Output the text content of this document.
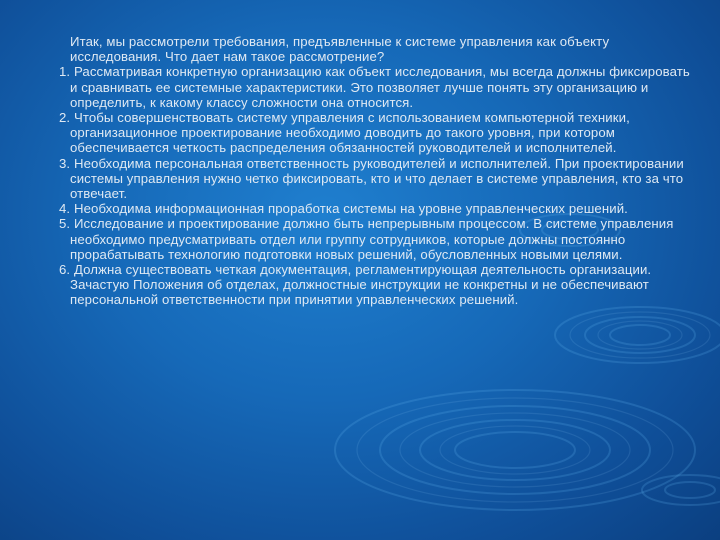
Итак, мы рассмотрели требования, предъявленные к системе управления как объекту исследования. Что дает нам такое рассмотрение?

1. Рассматривая конкретную организацию как объект исследования, мы всегда должны фиксировать и сравнивать ее системные характеристики. Это позволяет лучше понять эту организацию и определить, к какому классу сложности она относится.

2. Чтобы совершенствовать систему управления с использованием компьютерной техники, организационное проектирование необходимо доводить до такого уровня, при котором обеспечивается четкость распределения обязанностей руководителей и исполнителей.

3. Необходима персональная ответственность руководителей и исполнителей. При проектировании системы управления нужно четко фиксировать, кто и что делает в системе управления, кто за что отвечает.

4. Необходима информационная проработка системы на уровне управленческих решений.

5. Исследование и проектирование должно быть непрерывным процессом. В системе управления необходимо предусматривать отдел или группу сотрудников, которые должны постоянно прорабатывать технологию подготовки новых решений, обусловленных новыми целями.

6. Должна существовать четкая документация, регламентирующая деятельность организации. Зачастую Положения об отделах, должностные инструкции не конкретны и не обеспечивают персональной ответственности при принятии управленческих решений.
